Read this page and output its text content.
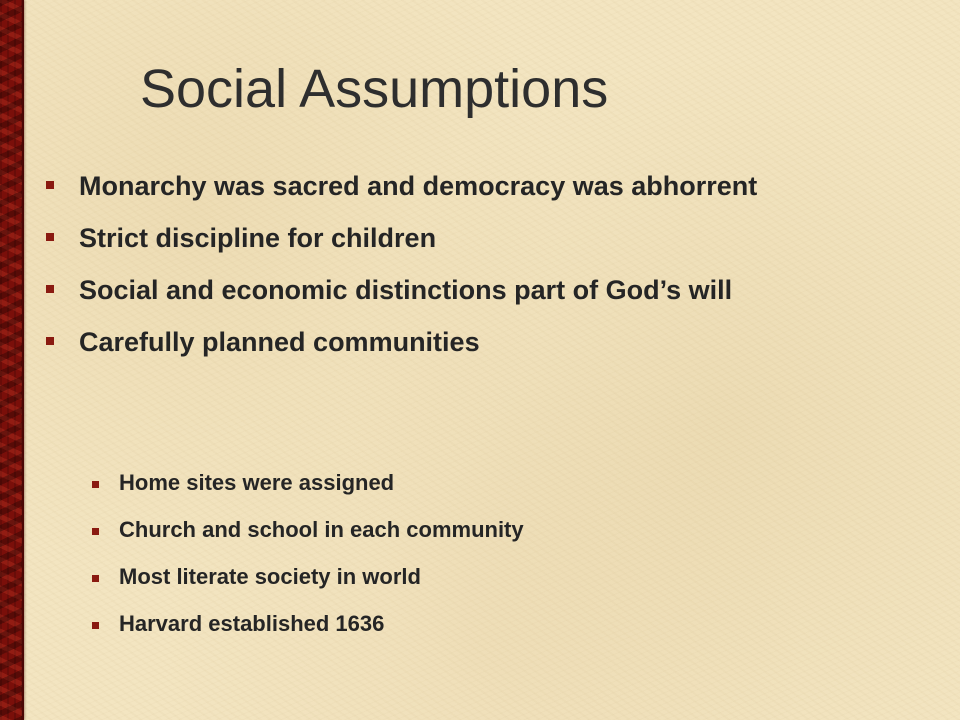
Social Assumptions
Monarchy was sacred and democracy was abhorrent
Strict discipline for children
Social and economic distinctions part of God’s will
Carefully planned communities
Home sites were assigned
Church and school in each community
Most literate society in world
Harvard established 1636
